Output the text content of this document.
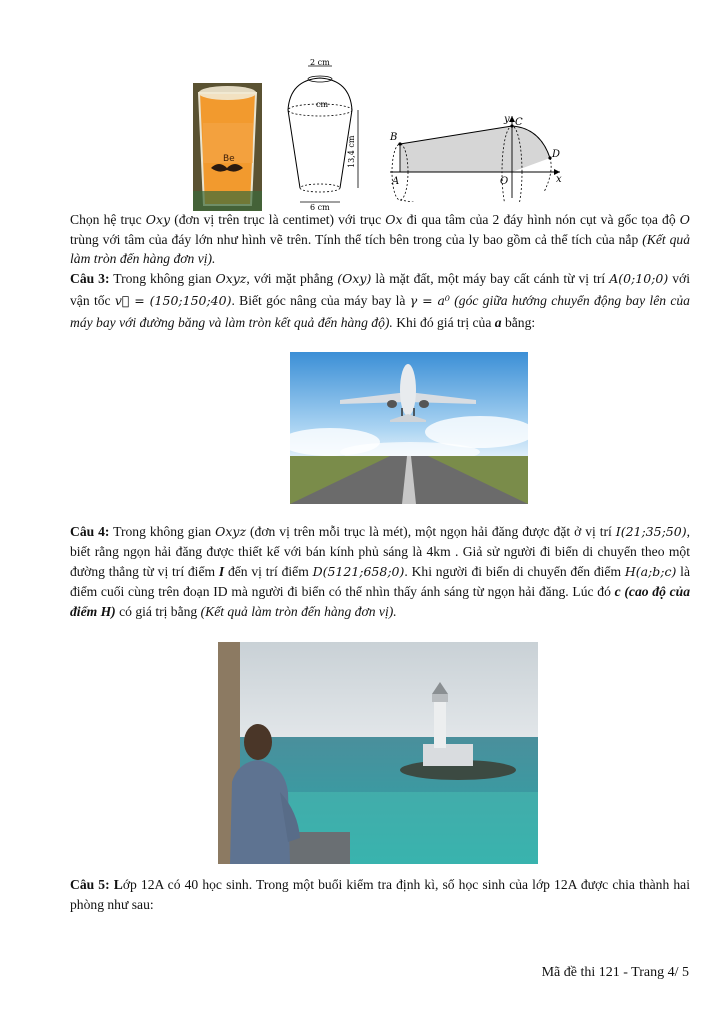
Be
2 cm
cm
13,4 cm
6 cm
y C
B
D
A	O	x
Chọn hệ trục Oxy (đơn vị trên trục là centimet) với trục Ox đi qua tâm của 2 đáy hình nón cụt và gốc tọa độ O trùng với tâm của đáy lớn như hình vẽ trên. Tính thể tích bên trong của ly bao gồm cả thể tích của nắp (Kết quả làm tròn đến hàng đơn vị).
Câu 3: Trong không gian Oxyz, với mặt phẳng (Oxy) là mặt đất, một máy bay cất cánh từ vị trí A(0;10;0) với vận tốc v⃗ = (150;150;40). Biết góc nâng của máy bay là γ = a⁰ (góc giữa hướng chuyển động bay lên của máy bay với đường băng và làm tròn kết quả đến hàng độ). Khi đó giá trị của a bằng:
Câu 4: Trong không gian Oxyz (đơn vị trên mỗi trục là mét), một ngọn hải đăng được đặt ở vị trí I(21;35;50), biết rằng ngọn hải đăng được thiết kế với bán kính phủ sáng là 4km . Giả sử người đi biển di chuyển theo một đường thẳng từ vị trí điểm I đến vị trí điểm D(5121;658;0). Khi người đi biển di chuyển đến điểm H(a;b;c) là điểm cuối cùng trên đoạn ID mà người đi biển có thể nhìn thấy ánh sáng từ ngọn hải đăng. Lúc đó c (cao độ của điểm H) có giá trị bằng (Kết quả làm tròn đến hàng đơn vị).
Câu 5: Lớp 12A có 40 học sinh. Trong một buổi kiểm tra định kì, số học sinh của lớp 12A được chia thành hai phòng như sau:
Mã đề thi 121 - Trang 4/ 5
